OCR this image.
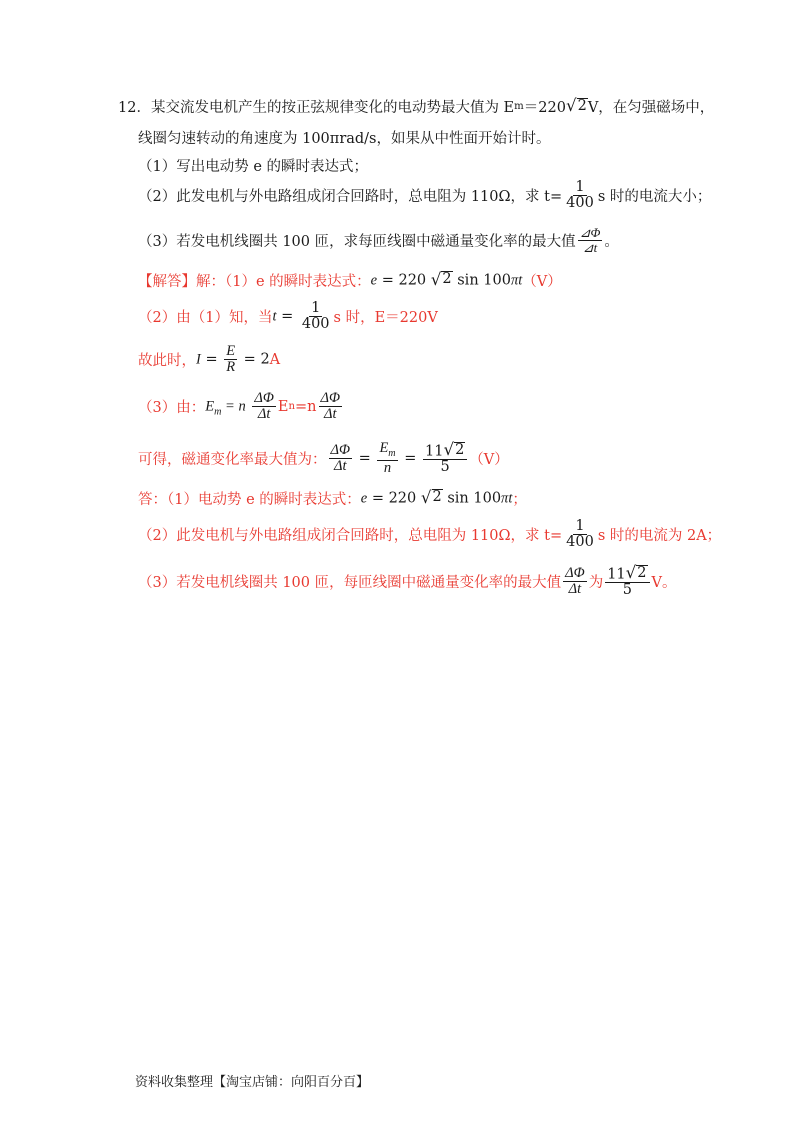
12． 某交流发电机产生的按正弦规律变化的电动势最大值为 E m ＝220 √ 2 V，在匀强磁场中，
线圈匀速转动的角速度为 100πrad/s，如果从中性面开始计时。
（1）写出电动势 e 的瞬时表达式；
（2）此发电机与外电路组成闭合回路时，总电阻为 110Ω，求 $t= \frac{1}{400}$ s 时的电流大小；
（3）若发电机线圈共 100 匝，求每匝线圈中磁通量变化率的最大值 $\frac{⊿\Phi}{⊿t}$ 。
【解答】 解：（1）e 的瞬时表达式： e = 220 √ 2 sin 100πt （V）
（2）由（1）知，当 $t = \frac{1}{400}$ s 时，E＝220V
故此时， $I = \frac{E}{R} = 2$ A
（3）由： $E_m = n \frac{\Delta\Phi}{\Delta t}$ E $n =n \frac{\Delta\Phi}{\Delta t}$
可得，磁通变化率最大值为： $\frac{\Delta\Phi}{\Delta t} = \frac{E_m}{n} = \frac{11 √ 2}{5} (V)$
答：（1）电动势 e 的瞬时表达式： e = 220 √ 2 sin 100πt ；
（2）此发电机与外电路组成闭合回路时，总电阻为 110Ω，求 $t= \frac{1}{400}$ s 时的电流为 2A；
（3）若发电机线圈共 100 匝，每匝线圈中磁通量变化率的最大值 $\frac{\Delta\Phi}{\Delta t}$ 为 $\frac{11 √ 2}{5}$ V。
资料收集整理【淘宝店铺：向阳百分百】
